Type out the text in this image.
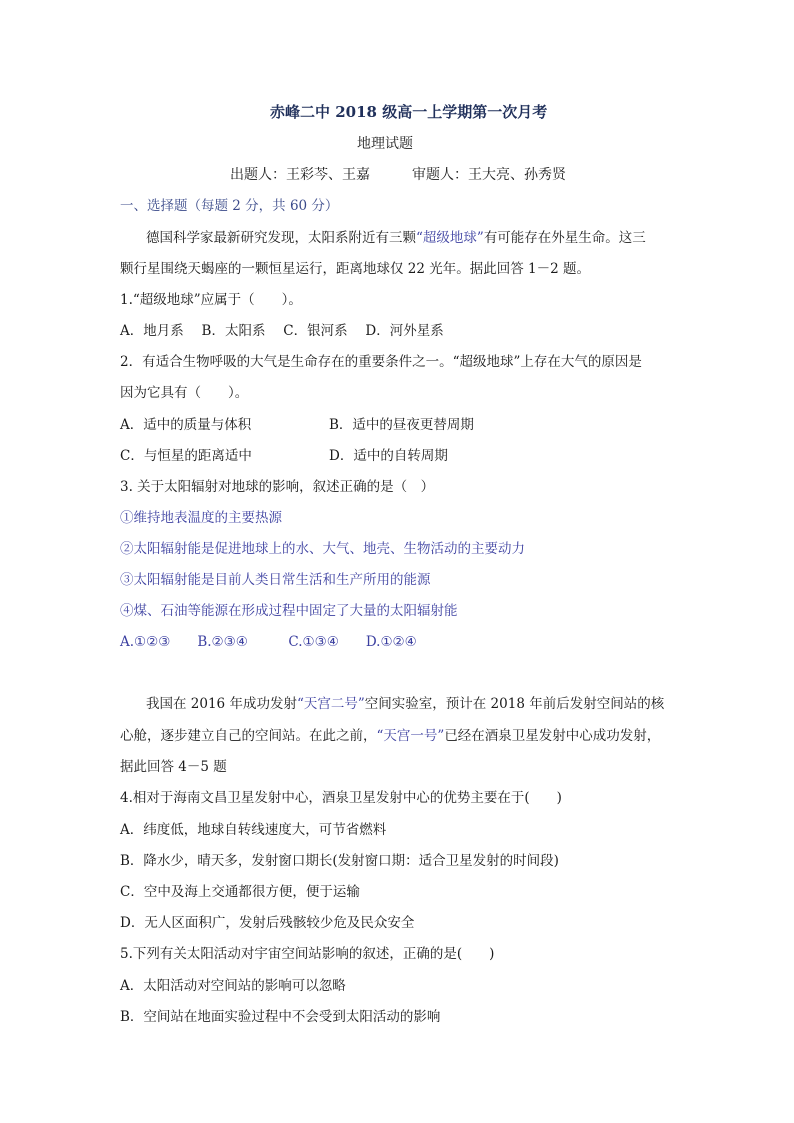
赤峰二中 2018 级高一上学期第一次月考
地理试题
出题人：王彩芩、王嘉　　　审题人：王大亮、孙秀贤
一、选择题（每题 2 分，共 60 分）
德国科学家最新研究发现，太阳系附近有三颗“超级地球”有可能存在外星生命。这三
颗行星围绕天蝎座的一颗恒星运行，距离地球仅 22 光年。据此回答 1－2 题。
1.“超级地球”应属于（　　）。
A．地月系　 B．太阳系　 C．银河系　 D．河外星系
2．有适合生物呼吸的大气是生命存在的重要条件之一。“超级地球”上存在大气的原因是
因为它具有（　　）。
A．适中的质量与体积	B．适中的昼夜更替周期
C．与恒星的距离适中	D．适中的自转周期
3. 关于太阳辐射对地球的影响，叙述正确的是（　）
①维持地表温度的主要热源
②太阳辐射能是促进地球上的水、大气、地壳、生物活动的主要动力
③太阳辐射能是目前人类日常生活和生产所用的能源
④煤、石油等能源在形成过程中固定了大量的太阳辐射能
A.①②③　　B.②③④　　　C.①③④　　D.①②④
我国在 2016 年成功发射“天宫二号”空间实验室，预计在 2018 年前后发射空间站的核
心舱，逐步建立自己的空间站。在此之前，“天宫一号”已经在酒泉卫星发射中心成功发射，
据此回答 4－5 题
4.相对于海南文昌卫星发射中心，酒泉卫星发射中心的优势主要在于(　　)
A．纬度低，地球自转线速度大，可节省燃料
B．降水少，晴天多，发射窗口期长(发射窗口期：适合卫星发射的时间段)
C．空中及海上交通都很方便，便于运输
D．无人区面积广，发射后残骸较少危及民众安全
5.下列有关太阳活动对宇宙空间站影响的叙述，正确的是(　　)
A．太阳活动对空间站的影响可以忽略
B．空间站在地面实验过程中不会受到太阳活动的影响
